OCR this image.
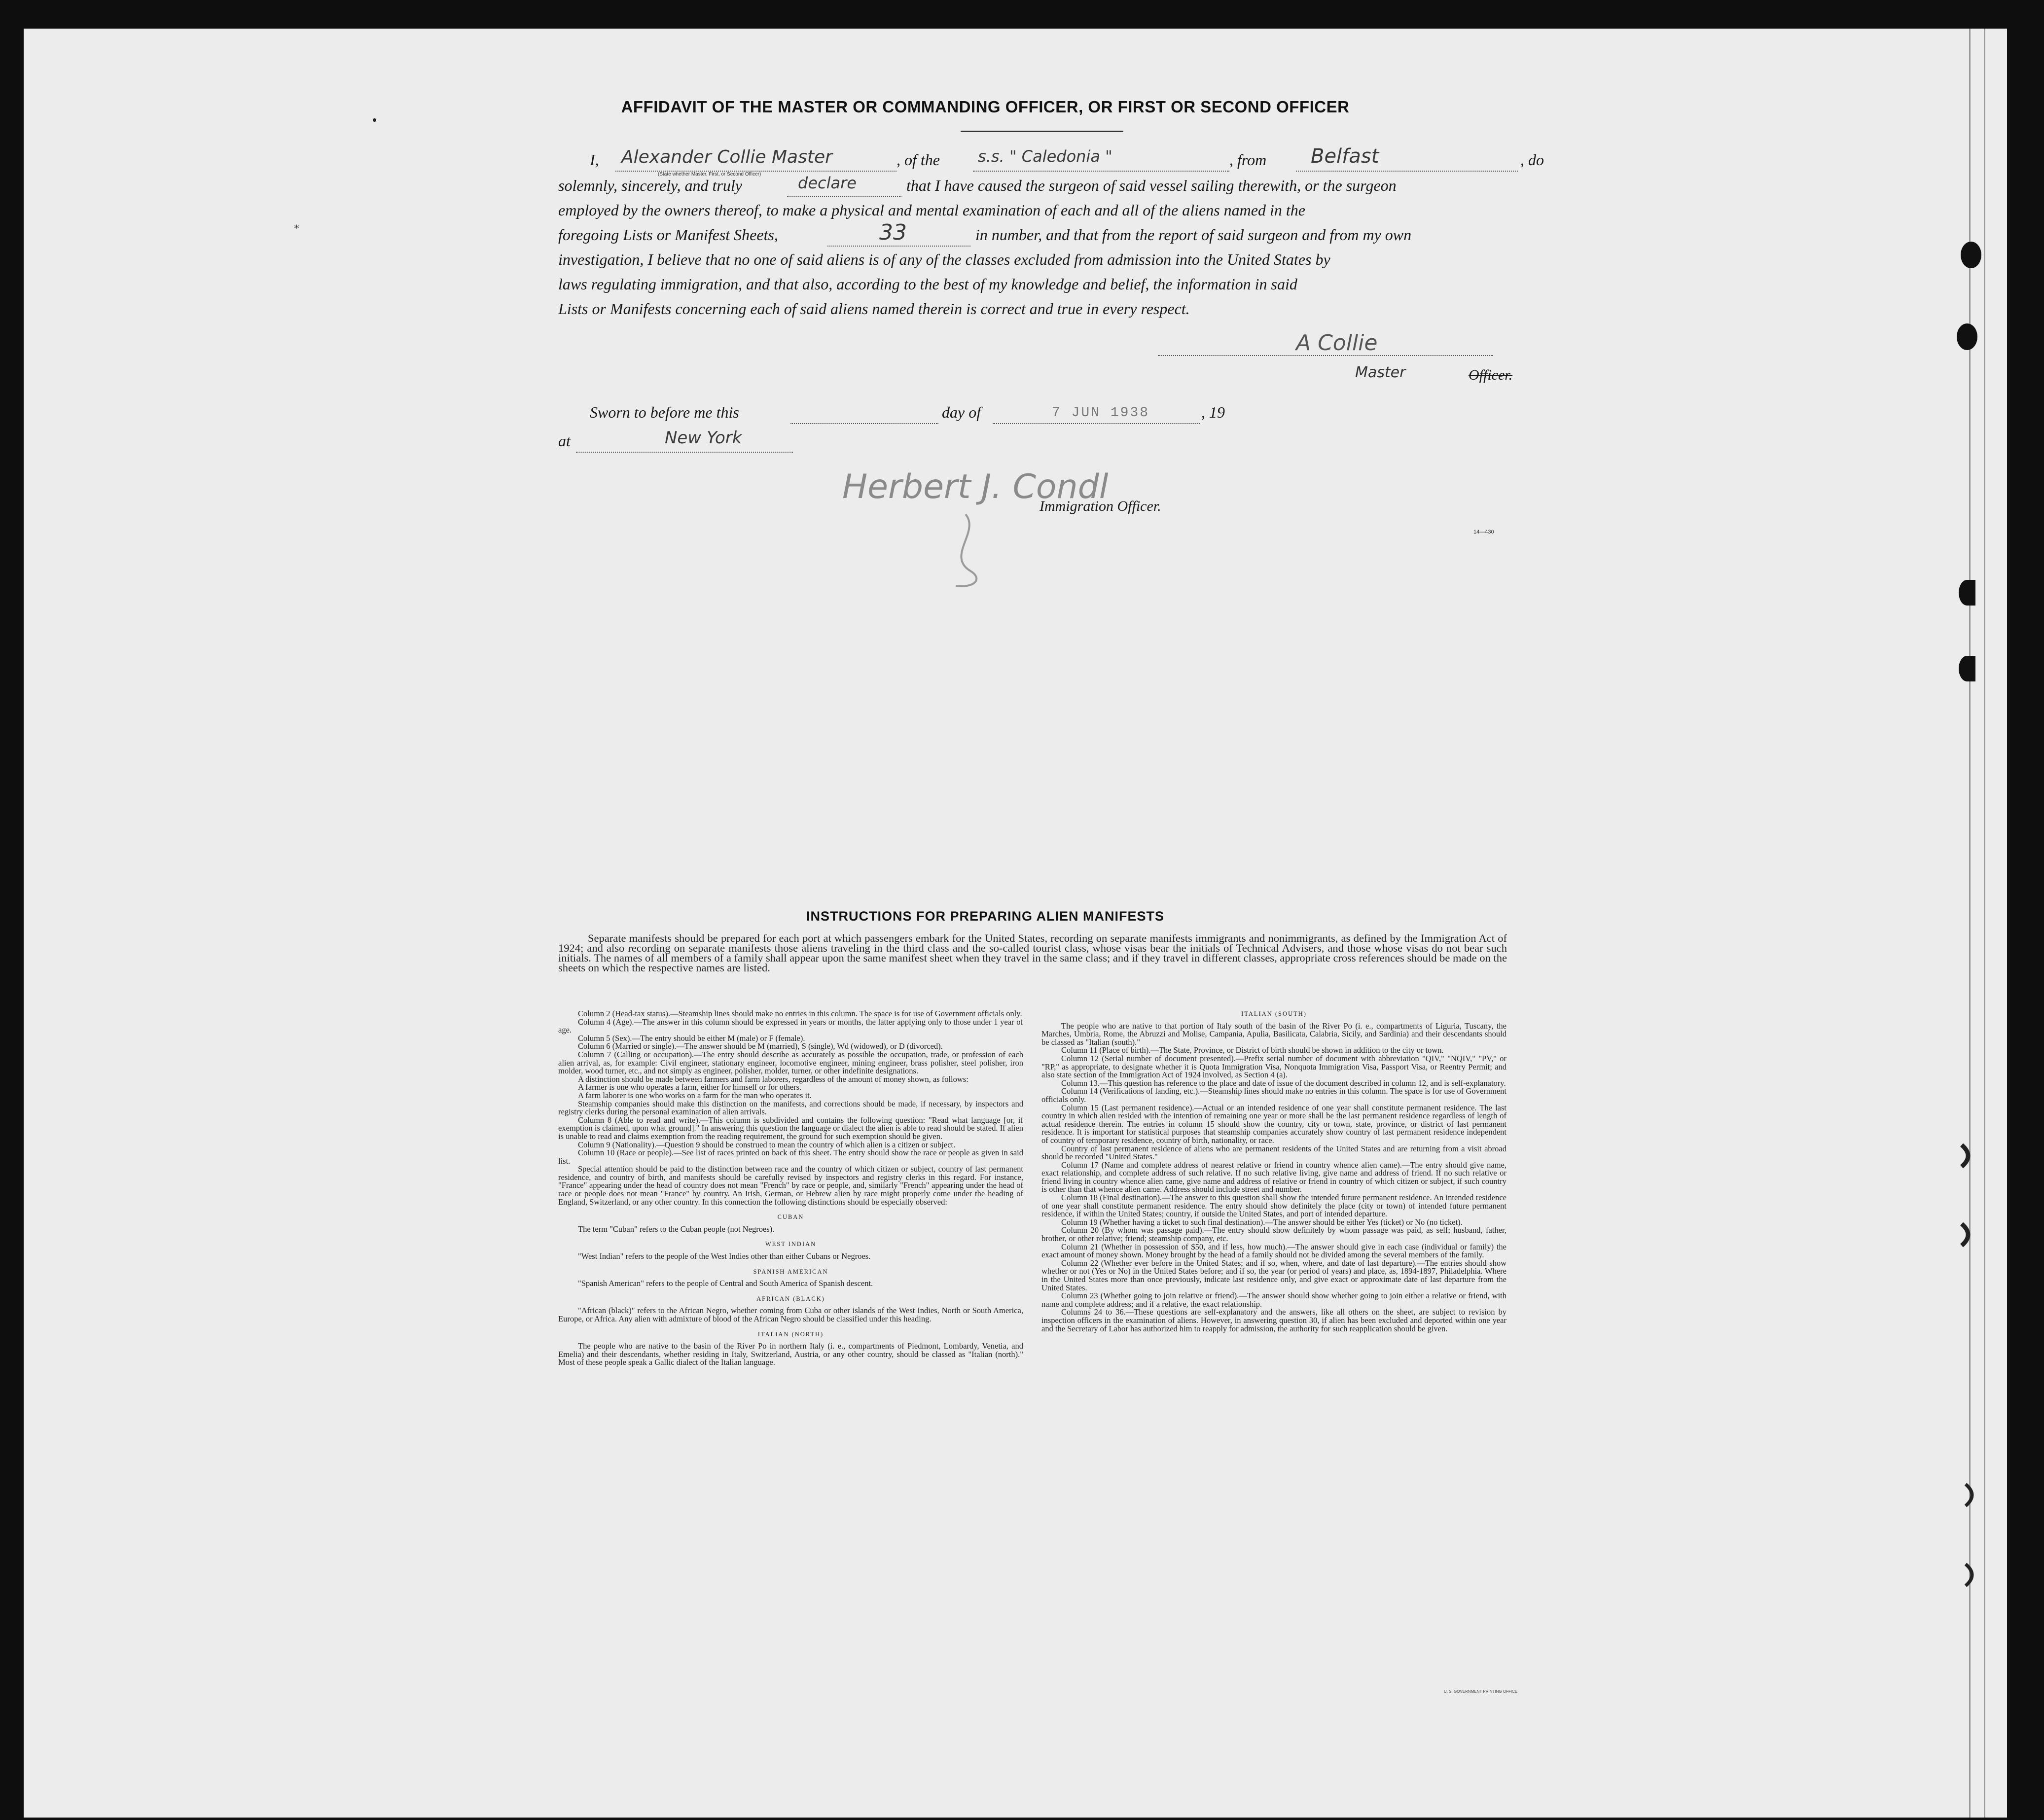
*
AFFIDAVIT OF THE MASTER OR COMMANDING OFFICER, OR FIRST OR SECOND OFFICER
I, Alexander Collie Master
(State whether Master, First, or Second Officer)
, of the s.s. " Caledonia "	, from Belfast	, do
solemnly, sincerely, and truly	declare	that I have caused the surgeon of said vessel sailing therewith, or the surgeon
employed by the owners thereof, to make a physical and mental examination of each and all of the aliens named in the
foregoing Lists or Manifest Sheets,	33	in number, and that from the report of said surgeon and from my own
investigation, I believe that no one of said aliens is of any of the classes excluded from admission into the United States by
laws regulating immigration, and that also, according to the best of my knowledge and belief, the information in said
Lists or Manifests concerning each of said aliens named therein is correct and true in every respect.
A Collie
Master	Officer.
Sworn to before me this	day of	7 JUN 1938	, 19
at	New York
Herbert J. Condl
Immigration Officer.
14—430
INSTRUCTIONS FOR PREPARING ALIEN MANIFESTS
Separate manifests should be prepared for each port at which passengers embark for the United States, recording on separate manifests immigrants and nonimmigrants, as defined by the Immigration Act of 1924; and also recording on separate manifests those aliens traveling in the third class and the so-called tourist class, whose visas bear the initials of Technical Advisers, and those whose visas do not bear such initials. The names of all members of a family shall appear upon the same manifest sheet when they travel in the same class; and if they travel in different classes, appropriate cross references should be made on the sheets on which the respective names are listed.

Column 2 (Head-tax status).—Steamship lines should make no entries in this column. The space is for use of Government officials only.

Column 4 (Age).—The answer in this column should be expressed in years or months, the latter applying only to those under 1 year of age.

Column 5 (Sex).—The entry should be either M (male) or F (female).

Column 6 (Married or single).—The answer should be M (married), S (single), Wd (widowed), or D (divorced).

Column 7 (Calling or occupation).—The entry should describe as accurately as possible the occupation, trade, or profession of each alien arrival, as, for example: Civil engineer, stationary engineer, locomotive engineer, mining engineer, brass polisher, steel polisher, iron molder, wood turner, etc., and not simply as engineer, polisher, molder, turner, or other indefinite designations.

A distinction should be made between farmers and farm laborers, regardless of the amount of money shown, as follows:

A farmer is one who operates a farm, either for himself or for others.

A farm laborer is one who works on a farm for the man who operates it.

Steamship companies should make this distinction on the manifests, and corrections should be made, if necessary, by inspectors and registry clerks during the personal examination of alien arrivals.

Column 8 (Able to read and write).—This column is subdivided and contains the following question: "Read what language [or, if exemption is claimed, upon what ground]." In answering this question the language or dialect the alien is able to read should be stated. If alien is unable to read and claims exemption from the reading requirement, the ground for such exemption should be given.

Column 9 (Nationality).—Question 9 should be construed to mean the country of which alien is a citizen or subject.

Column 10 (Race or people).—See list of races printed on back of this sheet. The entry should show the race or people as given in said list.

Special attention should be paid to the distinction between race and the country of which citizen or subject, country of last permanent residence, and country of birth, and manifests should be carefully revised by inspectors and registry clerks in this regard. For instance, "France" appearing under the head of country does not mean "French" by race or people, and, similarly "French" appearing under the head of race or people does not mean "France" by country. An Irish, German, or Hebrew alien by race might properly come under the heading of England, Switzerland, or any other country. In this connection the following distinctions should be especially observed:

CUBAN

The term "Cuban" refers to the Cuban people (not Negroes).

WEST INDIAN

"West Indian" refers to the people of the West Indies other than either Cubans or Negroes.

SPANISH AMERICAN

"Spanish American" refers to the people of Central and South America of Spanish descent.

AFRICAN (BLACK)

"African (black)" refers to the African Negro, whether coming from Cuba or other islands of the West Indies, North or South America, Europe, or Africa. Any alien with admixture of blood of the African Negro should be classified under this heading.

ITALIAN (NORTH)

The people who are native to the basin of the River Po in northern Italy (i. e., compartments of Piedmont, Lombardy, Venetia, and Emelia) and their descendants, whether residing in Italy, Switzerland, Austria, or any other country, should be classed as "Italian (north)." Most of these people speak a Gallic dialect of the Italian language.

ITALIAN (SOUTH)

The people who are native to that portion of Italy south of the basin of the River Po (i. e., compartments of Liguria, Tuscany, the Marches, Umbria, Rome, the Abruzzi and Molise, Campania, Apulia, Basilicata, Calabria, Sicily, and Sardinia) and their descendants should be classed as "Italian (south)."

Column 11 (Place of birth).—The State, Province, or District of birth should be shown in addition to the city or town.

Column 12 (Serial number of document presented).—Prefix serial number of document with abbreviation "QIV," "NQIV," "PV," or "RP," as appropriate, to designate whether it is Quota Immigration Visa, Nonquota Immigration Visa, Passport Visa, or Reentry Permit; and also state section of the Immigration Act of 1924 involved, as Section 4 (a).

Column 13.—This question has reference to the place and date of issue of the document described in column 12, and is self-explanatory.

Column 14 (Verifications of landing, etc.).—Steamship lines should make no entries in this column. The space is for use of Government officials only.

Column 15 (Last permanent residence).—Actual or an intended residence of one year shall constitute permanent residence. The last country in which alien resided with the intention of remaining one year or more shall be the last permanent residence regardless of length of actual residence therein. The entries in column 15 should show the country, city or town, state, province, or district of last permanent residence. It is important for statistical purposes that steamship companies accurately show country of last permanent residence independent of country of temporary residence, country of birth, nationality, or race.

Country of last permanent residence of aliens who are permanent residents of the United States and are returning from a visit abroad should be recorded "United States."

Column 17 (Name and complete address of nearest relative or friend in country whence alien came).—The entry should give name, exact relationship, and complete address of such relative. If no such relative living, give name and address of friend. If no such relative or friend living in country whence alien came, give name and address of relative or friend in country of which citizen or subject, if such country is other than that whence alien came. Address should include street and number.

Column 18 (Final destination).—The answer to this question shall show the intended future permanent residence. An intended residence of one year shall constitute permanent residence. The entry should show definitely the place (city or town) of intended future permanent residence, if within the United States; country, if outside the United States, and port of intended departure.

Column 19 (Whether having a ticket to such final destination).—The answer should be either Yes (ticket) or No (no ticket).

Column 20 (By whom was passage paid).—The entry should show definitely by whom passage was paid, as self; husband, father, brother, or other relative; friend; steamship company, etc.

Column 21 (Whether in possession of $50, and if less, how much).—The answer should give in each case (individual or family) the exact amount of money shown. Money brought by the head of a family should not be divided among the several members of the family.

Column 22 (Whether ever before in the United States; and if so, when, where, and date of last departure).—The entries should show whether or not (Yes or No) in the United States before; and if so, the year (or period of years) and place, as, 1894-1897, Philadelphia. Where in the United States more than once previously, indicate last residence only, and give exact or approximate date of last departure from the United States.

Column 23 (Whether going to join relative or friend).—The answer should show whether going to join either a relative or friend, with name and complete address; and if a relative, the exact relationship.

Columns 24 to 36.—These questions are self-explanatory and the answers, like all others on the sheet, are subject to revision by inspection officers in the examination of aliens. However, in answering question 30, if alien has been excluded and deported within one year and the Secretary of Labor has authorized him to reapply for admission, the authority for such reapplication should be given.

U. S. GOVERNMENT PRINTING OFFICE
